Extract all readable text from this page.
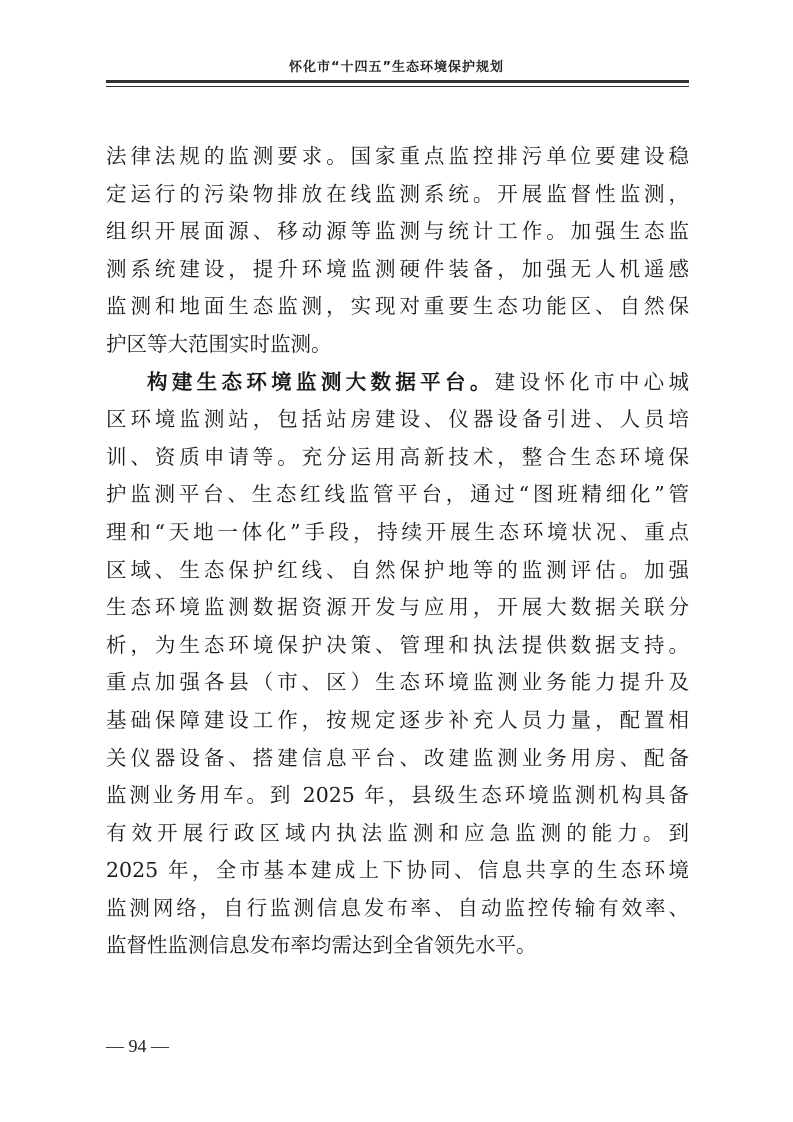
怀化市“十四五”生态环境保护规划
法律法规的监测要求。国家重点监控排污单位要建设稳
定运行的污染物排放在线监测系统。开展监督性监测，
组织开展面源、移动源等监测与统计工作。加强生态监
测系统建设，提升环境监测硬件装备，加强无人机遥感
监测和地面生态监测，实现对重要生态功能区、自然保
护区等大范围实时监测。
构建生态环境监测大数据平台。建设怀化市中心城
区环境监测站，包括站房建设、仪器设备引进、人员培
训、资质申请等。充分运用高新技术，整合生态环境保
护监测平台、生态红线监管平台，通过“图班精细化”管
理和“天地一体化”手段，持续开展生态环境状况、重点
区域、生态保护红线、自然保护地等的监测评估。加强
生态环境监测数据资源开发与应用，开展大数据关联分
析，为生态环境保护决策、管理和执法提供数据支持。
重点加强各县（市、区）生态环境监测业务能力提升及
基础保障建设工作，按规定逐步补充人员力量，配置相
关仪器设备、搭建信息平台、改建监测业务用房、配备
监测业务用车。到 2025 年，县级生态环境监测机构具备
有效开展行政区域内执法监测和应急监测的能力。到
2025 年，全市基本建成上下协同、信息共享的生态环境
监测网络，自行监测信息发布率、自动监控传输有效率、
监督性监测信息发布率均需达到全省领先水平。
— 94 —
